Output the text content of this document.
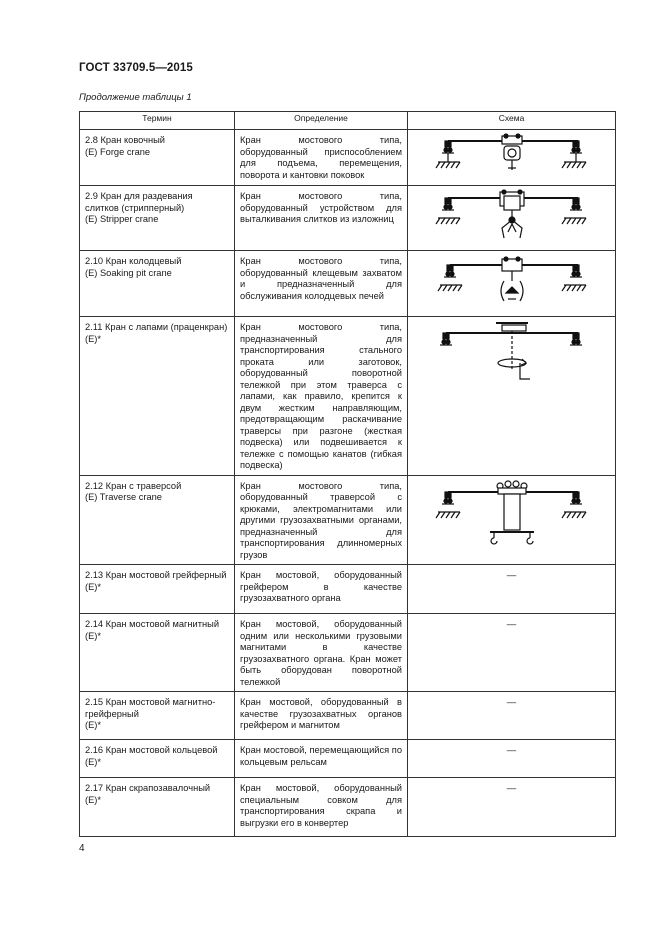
ГОСТ 33709.5—2015
Продолжение таблицы 1
Термин	Определение	Схема

2.8 Кран ковочный
(E) Forge crane	Кран мостового типа, оборудованный приспособлением для подъема, перемещения, поворота и кантовки поковок	

2.9 Кран для раздевания слитков (стрипперный)
(E) Stripper crane	Кран мостового типа, оборудованный устройством для выталкивания слитков из изложниц	

2.10 Кран колодцевый
(E) Soaking pit crane	Кран мостового типа, оборудованный клещевым захватом и предназначенный для обслуживания колодцевых печей	

2.11 Кран с лапами (праценкран)
(E)*	Кран мостового типа, предназначенный для транспортирования стального проката или заготовок, оборудованный поворотной тележкой при этом траверса с лапами, как правило, крепится к двум жестким направляющим, предотвращающим раскачивание траверсы при разгоне (жесткая подвеска) или подвешивается к тележке с помощью канатов (гибкая подвеска)	

2.12 Кран с траверсой
(E) Traverse crane	Кран мостового типа, оборудованный траверсой с крюками, электромагнитами или другими грузозахватными органами, предназначенный для транспортирования длинномерных грузов	

2.13 Кран мостовой грейферный
(E)*	Кран мостовой, оборудованный грейфером в качестве грузозахватного органа	—

2.14 Кран мостовой магнитный
(E)*	Кран мостовой, оборудованный одним или несколькими грузовыми магнитами в качестве грузозахватного органа. Кран может быть оборудован поворотной тележкой	—

2.15 Кран мостовой магнитно-грейферный
(E)*	Кран мостовой, оборудованный в качестве грузозахватных органов грейфером и магнитом	—

2.16 Кран мостовой кольцевой
(E)*	Кран мостовой, перемещающийся по кольцевым рельсам	—

2.17 Кран скрапозавалочный
(E)*	Кран мостовой, оборудованный специальным совком для транспортирования скрапа и выгрузки его в конвертер	—
4
